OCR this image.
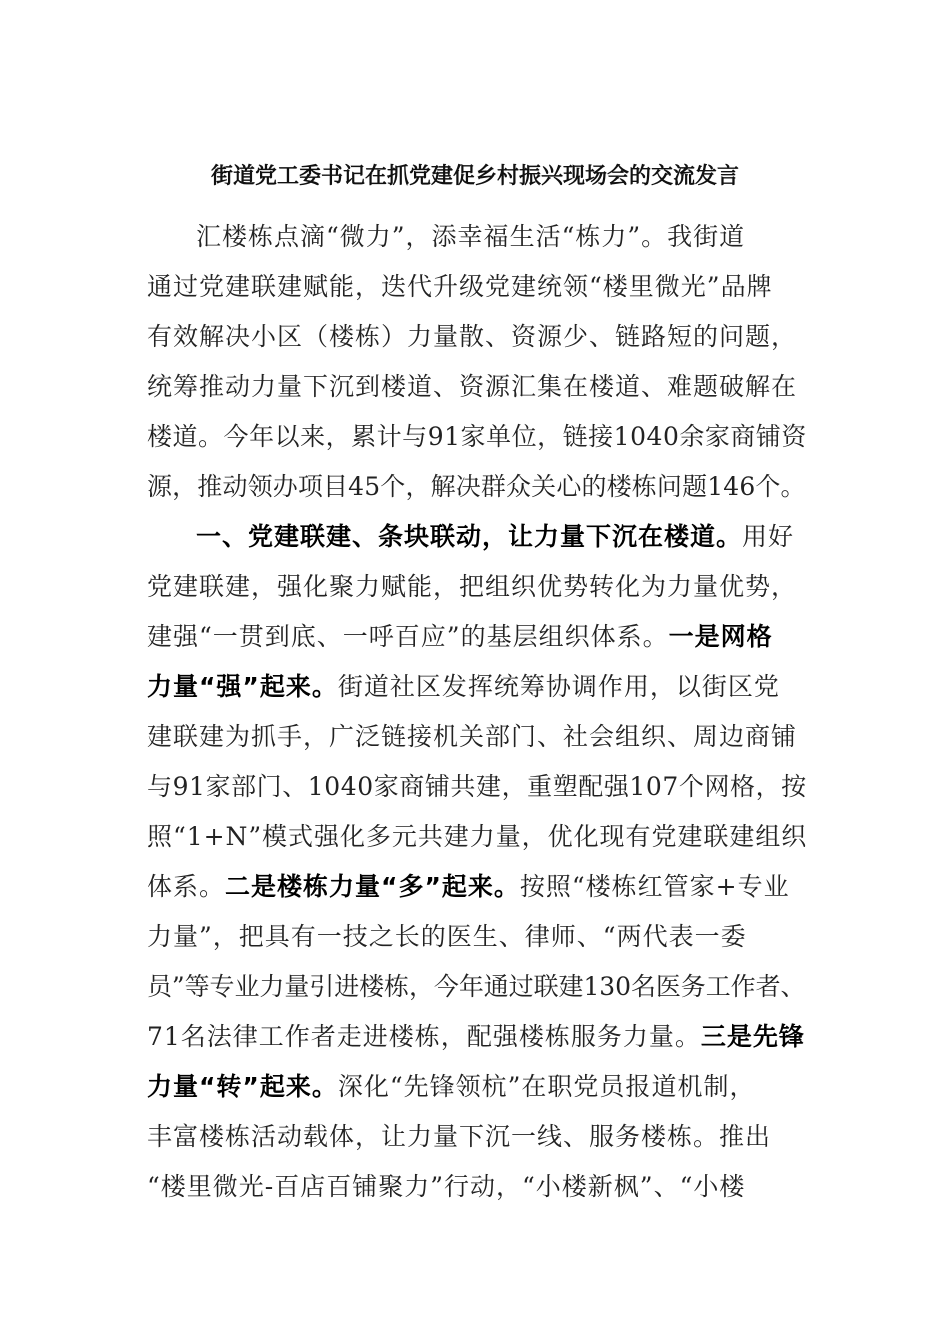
街道党工委书记在抓党建促乡村振兴现场会的交流发言
汇楼栋点滴“微力”，添幸福生活“栋力”。我街道
通过党建联建赋能，迭代升级党建统领“楼里微光”品牌
有效解决小区（楼栋）力量散、资源少、链路短的问题，
统筹推动力量下沉到楼道、资源汇集在楼道、难题破解在
楼道。今年以来，累计与91家单位，链接1040余家商铺资
源，推动领办项目45个，解决群众关心的楼栋问题146个。
一、党建联建、条块联动，让力量下沉在楼道。用好
党建联建，强化聚力赋能，把组织优势转化为力量优势，
建强“一贯到底、一呼百应”的基层组织体系。一是网格
力量“强”起来。街道社区发挥统筹协调作用，以街区党
建联建为抓手，广泛链接机关部门、社会组织、周边商铺
与91家部门、1040家商铺共建，重塑配强107个网格，按
照“1+N”模式强化多元共建力量，优化现有党建联建组织
体系。二是楼栋力量“多”起来。按照“楼栋红管家+专业
力量”，把具有一技之长的医生、律师、“两代表一委
员”等专业力量引进楼栋，今年通过联建130名医务工作者、
71名法律工作者走进楼栋，配强楼栋服务力量。三是先锋
力量“转”起来。深化“先锋领杭”在职党员报道机制，
丰富楼栋活动载体，让力量下沉一线、服务楼栋。推出
“楼里微光-百店百铺聚力”行动，“小楼新枫”、“小楼
